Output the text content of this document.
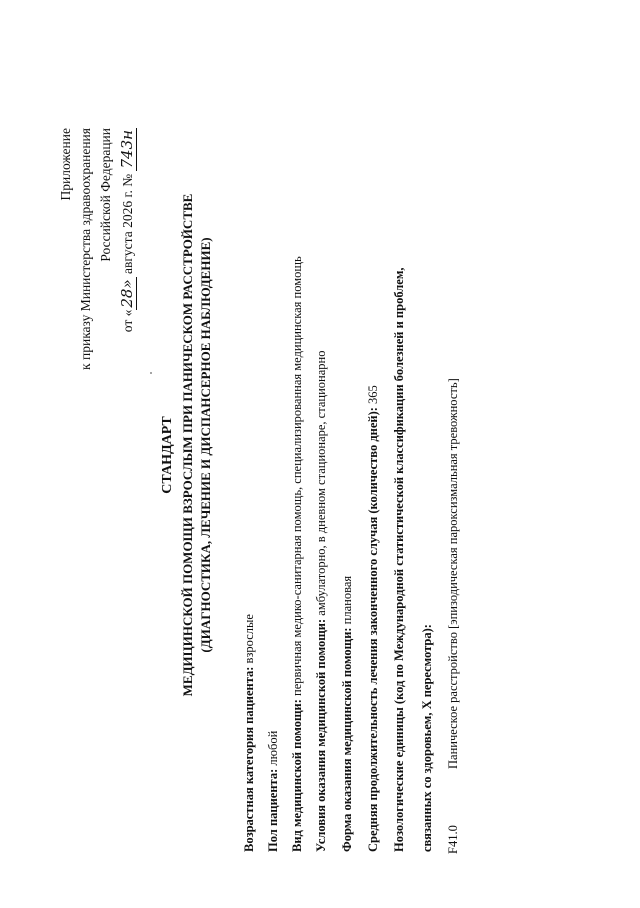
Приложение к приказу Министерства здравоохранения Российской Федерации
от «28» августа 2026 г. № 743н
СТАНДАРТ МЕДИЦИНСКОЙ ПОМОЩИ ВЗРОСЛЫМ ПРИ ПАНИЧЕСКОМ РАССТРОЙСТВЕ (ДИАГНОСТИКА, ЛЕЧЕНИЕ И ДИСПАНСЕРНОЕ НАБЛЮДЕНИЕ)
Возрастная категория пациента: взрослые
Пол пациента: любой Вид медицинской помощи: первичная медико-санитарная помощь, специализированная медицинская помощь
Условия оказания медицинской помощи: амбулаторно, в дневном стационаре, стационарно
Форма оказания медицинской помощи: плановая Средняя продолжительность лечения законченного случая (количество дней): 365 Нозологические единицы (код по Международной статистической классификации болезней и проблем, связанных со здоровьем, X пересмотра): F41.0
Паническое расстройство [эпизодическая пароксизмальная тревожность]
